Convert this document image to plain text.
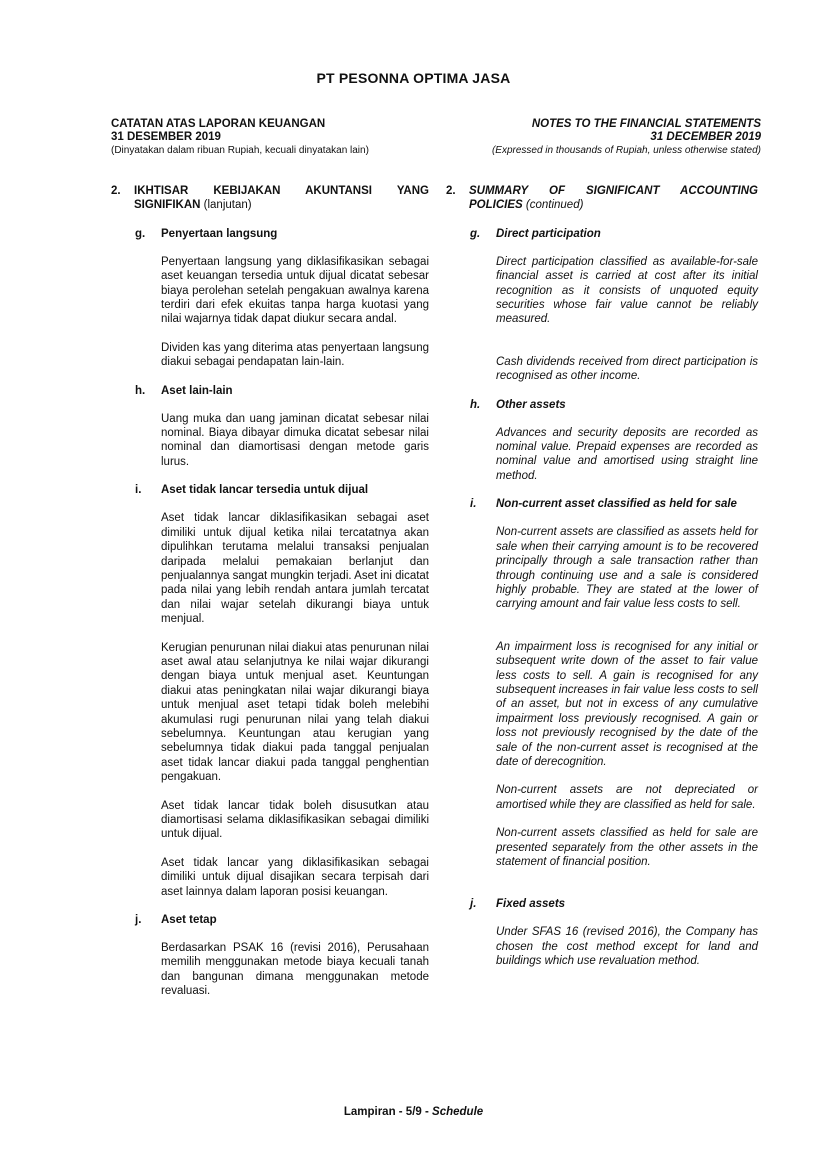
PT PESONNA OPTIMA JASA
CATATAN ATAS LAPORAN KEUANGAN
31 DESEMBER 2019
(Dinyatakan dalam ribuan Rupiah, kecuali dinyatakan lain)
NOTES TO THE FINANCIAL STATEMENTS
31 DECEMBER 2019
(Expressed in thousands of Rupiah, unless otherwise stated)
2.	IKHTISAR KEBIJAKAN AKUNTANSI YANG SIGNIFIKAN (lanjutan)
g.	Penyertaan langsung
Penyertaan langsung yang diklasifikasikan sebagai aset keuangan tersedia untuk dijual dicatat sebesar biaya perolehan setelah pengakuan awalnya karena terdiri dari efek ekuitas tanpa harga kuotasi yang nilai wajarnya tidak dapat diukur secara andal.
Dividen kas yang diterima atas penyertaan langsung diakui sebagai pendapatan lain-lain.
h.	Aset lain-lain
Uang muka dan uang jaminan dicatat sebesar nilai nominal. Biaya dibayar dimuka dicatat sebesar nilai nominal dan diamortisasi dengan metode garis lurus.
i.	Aset tidak lancar tersedia untuk dijual
Aset tidak lancar diklasifikasikan sebagai aset dimiliki untuk dijual ketika nilai tercatatnya akan dipulihkan terutama melalui transaksi penjualan daripada melalui pemakaian berlanjut dan penjualannya sangat mungkin terjadi. Aset ini dicatat pada nilai yang lebih rendah antara jumlah tercatat dan nilai wajar setelah dikurangi biaya untuk menjual.
Kerugian penurunan nilai diakui atas penurunan nilai aset awal atau selanjutnya ke nilai wajar dikurangi dengan biaya untuk menjual aset. Keuntungan diakui atas peningkatan nilai wajar dikurangi biaya untuk menjual aset tetapi tidak boleh melebihi akumulasi rugi penurunan nilai yang telah diakui sebelumnya. Keuntungan atau kerugian yang sebelumnya tidak diakui pada tanggal penjualan aset tidak lancar diakui pada tanggal penghentian pengakuan.
Aset tidak lancar tidak boleh disusutkan atau diamortisasi selama diklasifikasikan sebagai dimiliki untuk dijual.
Aset tidak lancar yang diklasifikasikan sebagai dimiliki untuk dijual disajikan secara terpisah dari aset lainnya dalam laporan posisi keuangan.
j.	Aset tetap
Berdasarkan PSAK 16 (revisi 2016), Perusahaan memilih menggunakan metode biaya kecuali tanah dan bangunan dimana menggunakan metode revaluasi.
2.	SUMMARY OF SIGNIFICANT ACCOUNTING POLICIES (continued)
g.	Direct participation
Direct participation classified as available-for-sale financial asset is carried at cost after its initial recognition as it consists of unquoted equity securities whose fair value cannot be reliably measured.
Cash dividends received from direct participation is recognised as other income.
h.	Other assets
Advances and security deposits are recorded as nominal value. Prepaid expenses are recorded as nominal value and amortised using straight line method.
i.	Non-current asset classified as held for sale
Non-current assets are classified as assets held for sale when their carrying amount is to be recovered principally through a sale transaction rather than through continuing use and a sale is considered highly probable. They are stated at the lower of carrying amount and fair value less costs to sell.
An impairment loss is recognised for any initial or subsequent write down of the asset to fair value less costs to sell. A gain is recognised for any subsequent increases in fair value less costs to sell of an asset, but not in excess of any cumulative impairment loss previously recognised. A gain or loss not previously recognised by the date of the sale of the non-current asset is recognised at the date of derecognition.
Non-current assets are not depreciated or amortised while they are classified as held for sale.
Non-current assets classified as held for sale are presented separately from the other assets in the statement of financial position.
j.	Fixed assets
Under SFAS 16 (revised 2016), the Company has chosen the cost method except for land and buildings which use revaluation method.
Lampiran - 5/9 - Schedule
